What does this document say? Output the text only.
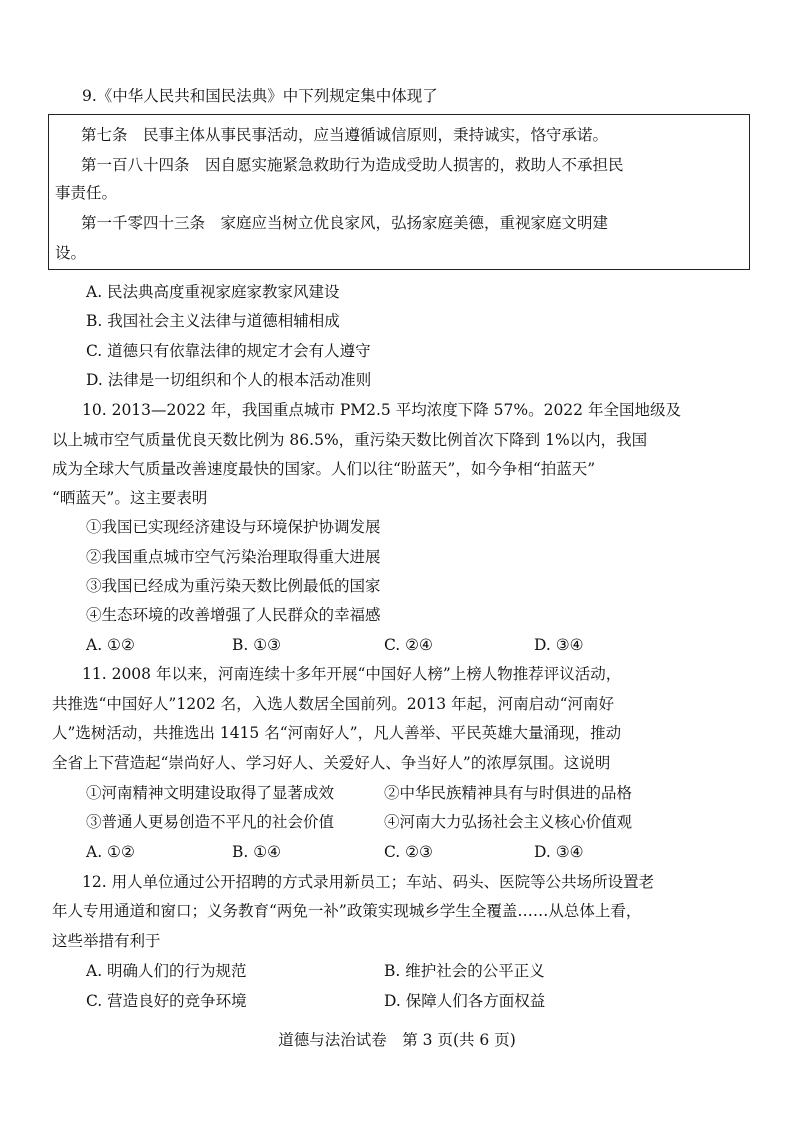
9.《中华人民共和国民法典》中下列规定集中体现了
第七条　民事主体从事民事活动，应当遵循诚信原则，秉持诚实，恪守承诺。
第一百八十四条　因自愿实施紧急救助行为造成受助人损害的，救助人不承担民
事责任。
第一千零四十三条　家庭应当树立优良家风，弘扬家庭美德，重视家庭文明建
设。
A. 民法典高度重视家庭家教家风建设
B. 我国社会主义法律与道德相辅相成
C. 道德只有依靠法律的规定才会有人遵守
D. 法律是一切组织和个人的根本活动准则
10. 2013—2022 年，我国重点城市 PM2.5 平均浓度下降 57%。2022 年全国地级及
以上城市空气质量优良天数比例为 86.5%，重污染天数比例首次下降到 1%以内，我国
成为全球大气质量改善速度最快的国家。人们以往“盼蓝天”，如今争相“拍蓝天”
“晒蓝天”。这主要表明
①我国已实现经济建设与环境保护协调发展
②我国重点城市空气污染治理取得重大进展
③我国已经成为重污染天数比例最低的国家
④生态环境的改善增强了人民群众的幸福感
A. ①②	B. ①③	C. ②④	D. ③④
11. 2008 年以来，河南连续十多年开展“中国好人榜”上榜人物推荐评议活动，
共推选“中国好人”1202 名，入选人数居全国前列。2013 年起，河南启动“河南好
人”选树活动，共推选出 1415 名“河南好人”，凡人善举、平民英雄大量涌现，推动
全省上下营造起“崇尚好人、学习好人、关爱好人、争当好人”的浓厚氛围。这说明
①河南精神文明建设取得了显著成效	②中华民族精神具有与时俱进的品格
③普通人更易创造不平凡的社会价值	④河南大力弘扬社会主义核心价值观
A. ①②	B. ①④	C. ②③	D. ③④
12. 用人单位通过公开招聘的方式录用新员工；车站、码头、医院等公共场所设置老
年人专用通道和窗口；义务教育“两免一补”政策实现城乡学生全覆盖……从总体上看，
这些举措有利于
A. 明确人们的行为规范	B. 维护社会的公平正义
C. 营造良好的竞争环境	D. 保障人们各方面权益
道德与法治试卷　第 3 页(共 6 页)
